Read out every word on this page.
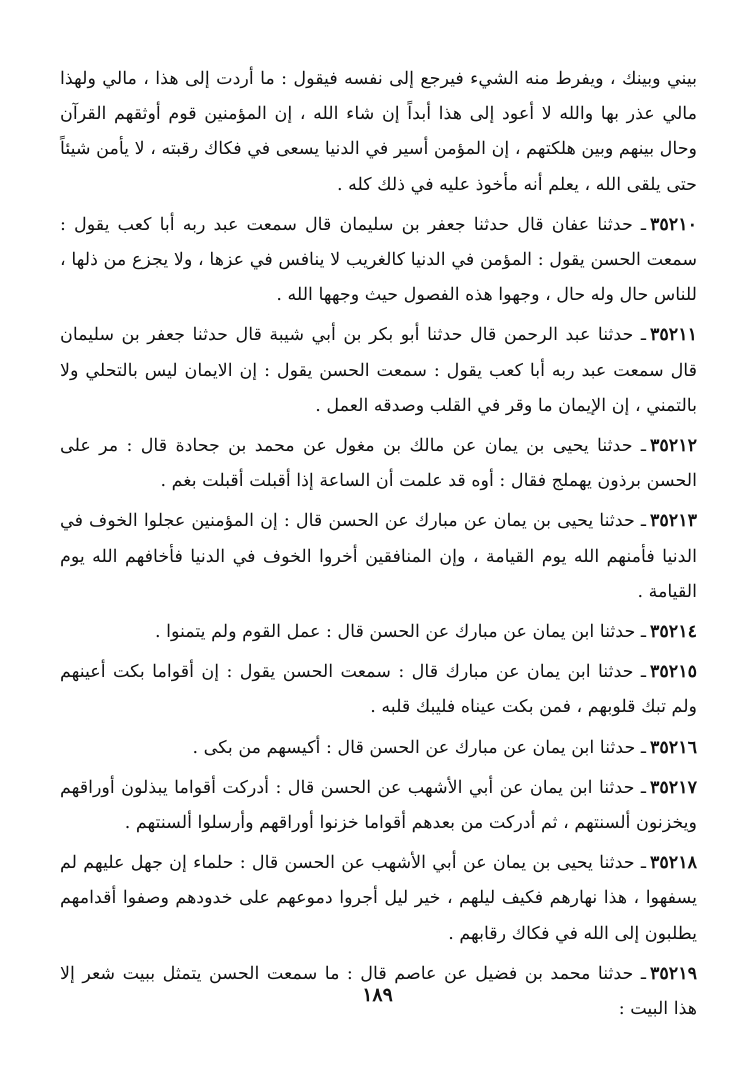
بيني وبينك ، ويفرط منه الشيء فيرجع إلى نفسه فيقول : ما أردت إلى هذا ، مالي ولهذا مالي عذر بها والله لا أعود إلى هذا أبداً إن شاء الله ، إن المؤمنين قوم أوثقهم القرآن وحال بينهم وبين هلكتهم ، إن المؤمن أسير في الدنيا يسعى في فكاك رقبته ، لا يأمن شيئاً حتى يلقى الله ، يعلم أنه مأخوذ عليه في ذلك كله .

٣٥٢١٠ـ حدثنا عفان قال حدثنا جعفر بن سليمان قال سمعت عبد ربه أبا كعب يقول : سمعت الحسن يقول : المؤمن في الدنيا كالغريب لا ينافس في عزها ، ولا يجزع من ذلها ، للناس حال وله حال ، وجهوا هذه الفصول حيث وجهها الله .

٣٥٢١١ـ حدثنا عبد الرحمن قال حدثنا أبو بكر بن أبي شيبة قال حدثنا جعفر بن سليمان قال سمعت عبد ربه أبا كعب يقول : سمعت الحسن يقول : إن الايمان ليس بالتحلي ولا بالتمني ، إن الإيمان ما وقر في القلب وصدقه العمل .

٣٥٢١٢ـ حدثنا يحيى بن يمان عن مالك بن مغول عن محمد بن جحادة قال : مر على الحسن برذون يهملج فقال : أوه قد علمت أن الساعة إذا أقبلت أقبلت بغم .

٣٥٢١٣ـ حدثنا يحيى بن يمان عن مبارك عن الحسن قال : إن المؤمنين عجلوا الخوف في الدنيا فأمنهم الله يوم القيامة ، وإن المنافقين أخروا الخوف في الدنيا فأخافهم الله يوم القيامة .

٣٥٢١٤ـ حدثنا ابن يمان عن مبارك عن الحسن قال : عمل القوم ولم يتمنوا .

٣٥٢١٥ـ حدثنا ابن يمان عن مبارك قال : سمعت الحسن يقول : إن أقواما بكت أعينهم ولم تبك قلوبهم ، فمن بكت عيناه فليبك قلبه .

٣٥٢١٦ـ حدثنا ابن يمان عن مبارك عن الحسن قال : أكيسهم من بكى .

٣٥٢١٧ـ حدثنا ابن يمان عن أبي الأشهب عن الحسن قال : أدركت أقواما يبذلون أوراقهم ويخزنون ألسنتهم ، ثم أدركت من بعدهم أقواما خزنوا أوراقهم وأرسلوا ألسنتهم .

٣٥٢١٨ـ حدثنا يحيى بن يمان عن أبي الأشهب عن الحسن قال : حلماء إن جهل عليهم لم يسفهوا ، هذا نهارهم فكيف ليلهم ، خير ليل أجروا دموعهم على خدودهم وصفوا أقدامهم يطلبون إلى الله في فكاك رقابهم .

٣٥٢١٩ـ حدثنا محمد بن فضيل عن عاصم قال : ما سمعت الحسن يتمثل ببيت شعر إلا هذا البيت :

١٨٩
